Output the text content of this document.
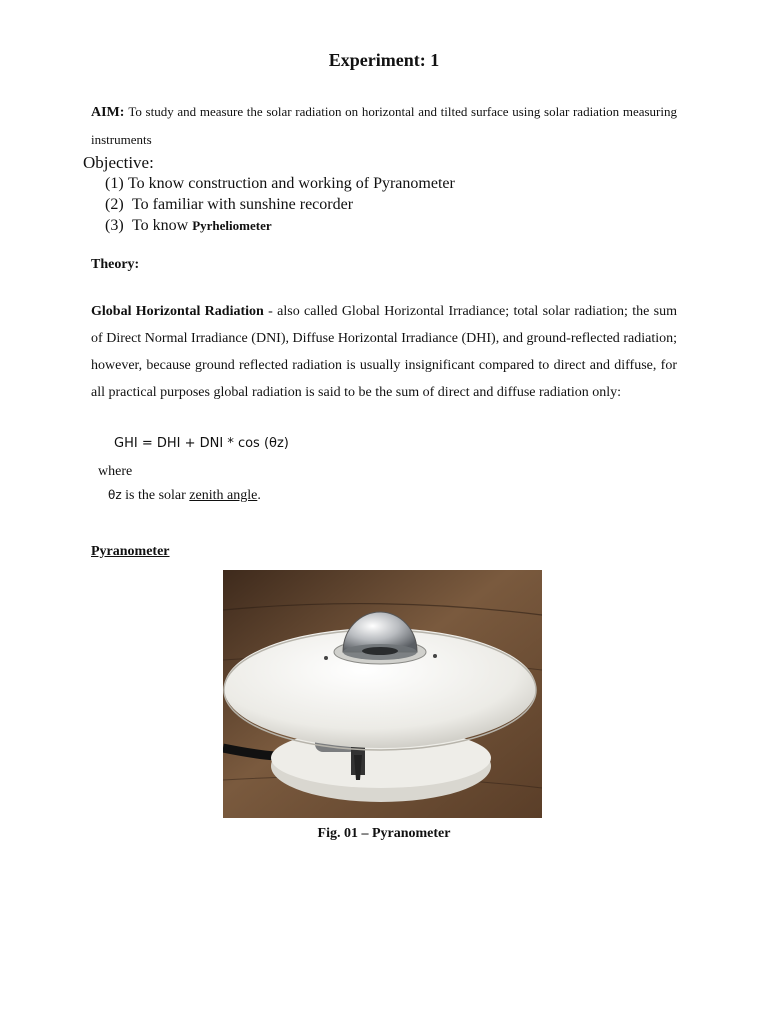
Experiment: 1
AIM: To study and measure the solar radiation on horizontal and tilted surface using solar radiation measuring instruments
Objective:
(1) To know construction and working of Pyranometer
(2) To familiar with sunshine recorder
(3) To know Pyrheliometer
Theory:
Global Horizontal Radiation - also called Global Horizontal Irradiance; total solar radiation; the sum of Direct Normal Irradiance (DNI), Diffuse Horizontal Irradiance (DHI), and ground-reflected radiation; however, because ground reflected radiation is usually insignificant compared to direct and diffuse, for all practical purposes global radiation is said to be the sum of direct and diffuse radiation only:
GHI = DHI + DNI * cos (θz)
where
θz is the solar zenith angle.
Pyranometer
Fig. 01 – Pyranometer
